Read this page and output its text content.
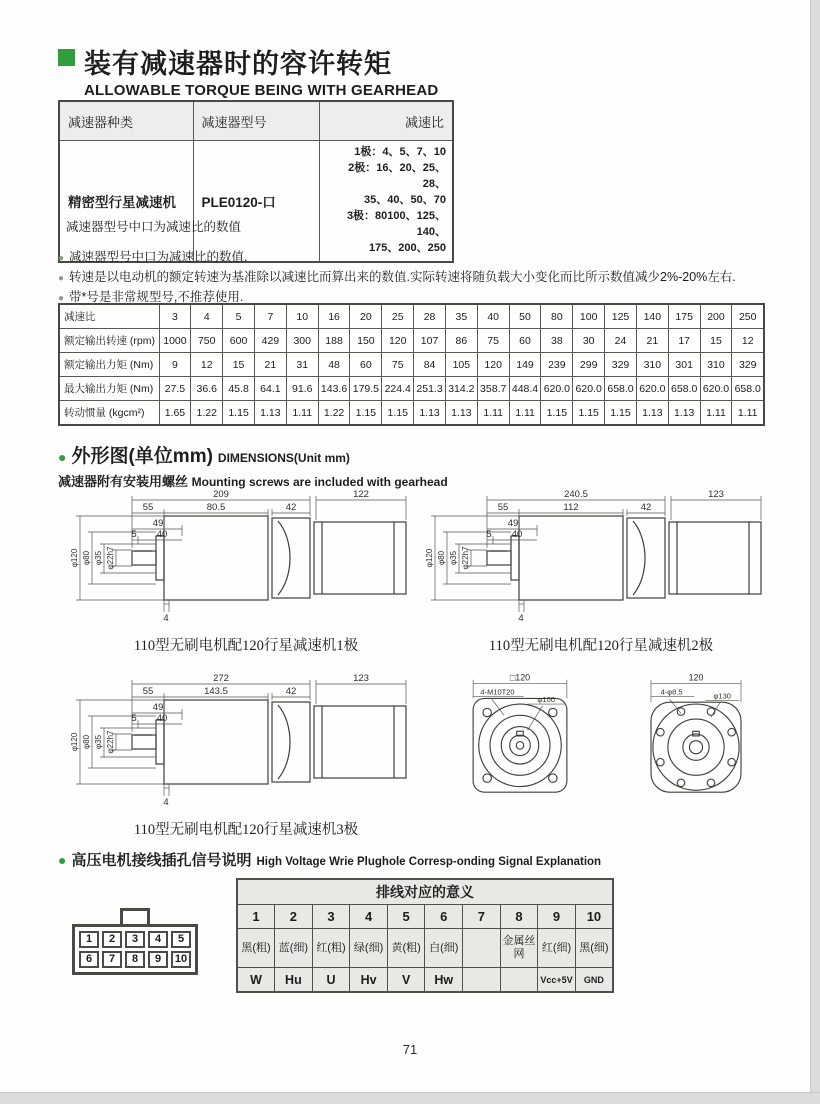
装有减速器时的容许转矩
ALLOWABLE TORQUE BEING WITH GEARHEAD
减速器种类	减速器型号	减速比
精密型行星减速机	PLE0120-口	1极：4、5、7、10
2极：16、20、25、28、
35、40、50、70
3极：80100、125、140、
175、200、250
减速器型号中口为减速比的数值
● 减速器型号中口为减速比的数值.
● 转速是以电动机的额定转速为基准除以减速比而算出来的数值.实际转速将随负载大小变化而比所示数值减少2%-20%左右.
● 带*号是非常规型号,不推荐使用.
减速比	3	4	5	7	10	16	20	25	28	35	40	50	80	100	125	140	175	200	250
额定输出转速 (rpm)	1000	750	600	429	300	188	150	120	107	86	75	60	38	30	24	21	17	15	12
额定输出力矩 (Nm)	9	12	15	21	31	48	60	75	84	105	120	149	239	299	329	310	301	310	329
最大输出力矩 (Nm)	27.5	36.6	45.8	64.1	91.6	143.6	179.5	224.4	251.3	314.2	358.7	448.4	620.0	620.0	658.0	620.0	658.0	620.0	658.0
转动惯量 (kgcm²)	1.65	1.22	1.15	1.13	1.11	1.22	1.15	1.15	1.13	1.13	1.11	1.11	1.15	1.15	1.15	1.13	1.13	1.11	1.11
● 外形图(单位mm) DIMENSIONS(Unit mm)
减速器附有安装用螺丝 Mounting screws are included with gearhead
209	122
55	80.5	42
49
5 40
φ120 φ80 φ35 φ22h7
4
110型无刷电机配120行星减速机1极
240.5	123
55	112	42
49
5 40
φ120 φ80 φ35 φ22h7
4
110型无刷电机配120行星减速机2极
272	123
55	143.5	42
49
5 40
φ120 φ80 φ35 φ22h7
4
110型无刷电机配120行星减速机3极
□120
4-M10T20
φ100
120
4-φ8.5	φ130
● 高压电机接线插孔信号说明 High Voltage Wrie Plughole Corresp-onding Signal Explanation
1	2	3	4	5
6	7	8	9	10
排线对应的意义									
1	2	3	4	5	6	7	8	9	10
黑(粗)	蓝(细)	红(粗)	绿(细)	黄(粗)	白(细)		金属丝网	红(细)	黑(细)
W	Hu	U	Hv	V	Hw			Vcc+5V	GND
71
